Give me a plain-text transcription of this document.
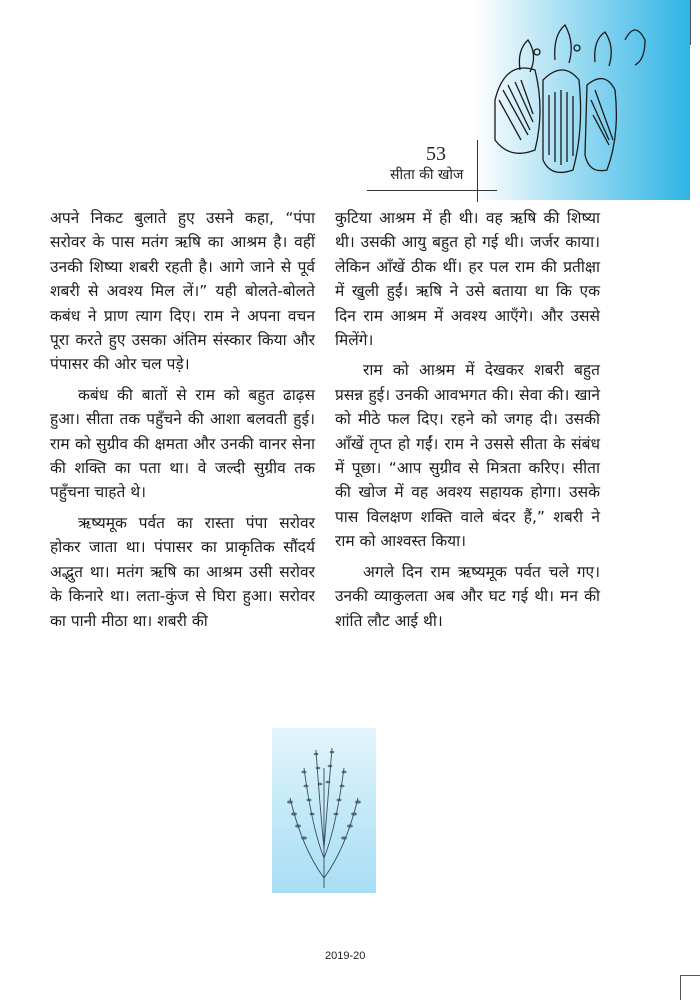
53
सीता की खोज

अपने निकट बुलाते हुए उसने कहा, “पंपा सरोवर के पास मतंग ऋषि का आश्रम है। वहीं उनकी शिष्या शबरी रहती है। आगे जाने से पूर्व शबरी से अवश्य मिल लें।” यही बोलते-बोलते कबंध ने प्राण त्याग दिए। राम ने अपना वचन पूरा करते हुए उसका अंतिम संस्कार किया और पंपासर की ओर चल पड़े।

कबंध की बातों से राम को बहुत ढाढ़स हुआ। सीता तक पहुँचने की आशा बलवती हुई। राम को सुग्रीव की क्षमता और उनकी वानर सेना की शक्ति का पता था। वे जल्दी सुग्रीव तक पहुँचना चाहते थे।

ऋष्यमूक पर्वत का रास्ता पंपा सरोवर होकर जाता था। पंपासर का प्राकृतिक सौंदर्य अद्भुत था। मतंग ऋषि का आश्रम उसी सरोवर के किनारे था। लता-कुंज से घिरा हुआ। सरोवर का पानी मीठा था। शबरी की

कुटिया आश्रम में ही थी। वह ऋषि की शिष्या थी। उसकी आयु बहुत हो गई थी। जर्जर काया। लेकिन आँखें ठीक थीं। हर पल राम की प्रतीक्षा में खुली हुईं। ऋषि ने उसे बताया था कि एक दिन राम आश्रम में अवश्य आएँगे। और उससे मिलेंगे।

राम को आश्रम में देखकर शबरी बहुत प्रसन्न हुई। उनकी आवभगत की। सेवा की। खाने को मीठे फल दिए। रहने को जगह दी। उसकी आँखें तृप्त हो गईं। राम ने उससे सीता के संबंध में पूछा। “आप सुग्रीव से मित्रता करिए। सीता की खोज में वह अवश्य सहायक होगा। उसके पास विलक्षण शक्ति वाले बंदर हैं,” शबरी ने राम को आश्वस्त किया।

अगले दिन राम ऋष्यमूक पर्वत चले गए। उनकी व्याकुलता अब और घट गई थी। मन की शांति लौट आई थी।

2019-20
